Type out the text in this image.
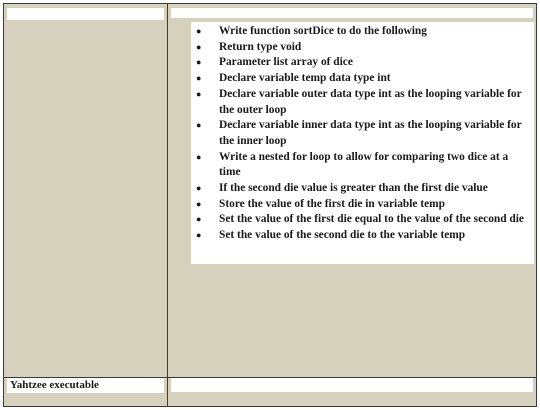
● Write function sortDice to do the following
● Return type void
● Parameter list array of dice
● Declare variable temp data type int
● Declare variable outer data type int as the looping variable for the outer loop
● Declare variable inner data type int as the looping variable for the inner loop
● Write a nested for loop to allow for comparing two dice at a time
● If the second die value is greater than the first die value
● Store the value of the first die in variable temp
● Set the value of the first die equal to the value of the second die
● Set the value of the second die to the variable temp
Yahtzee executable
